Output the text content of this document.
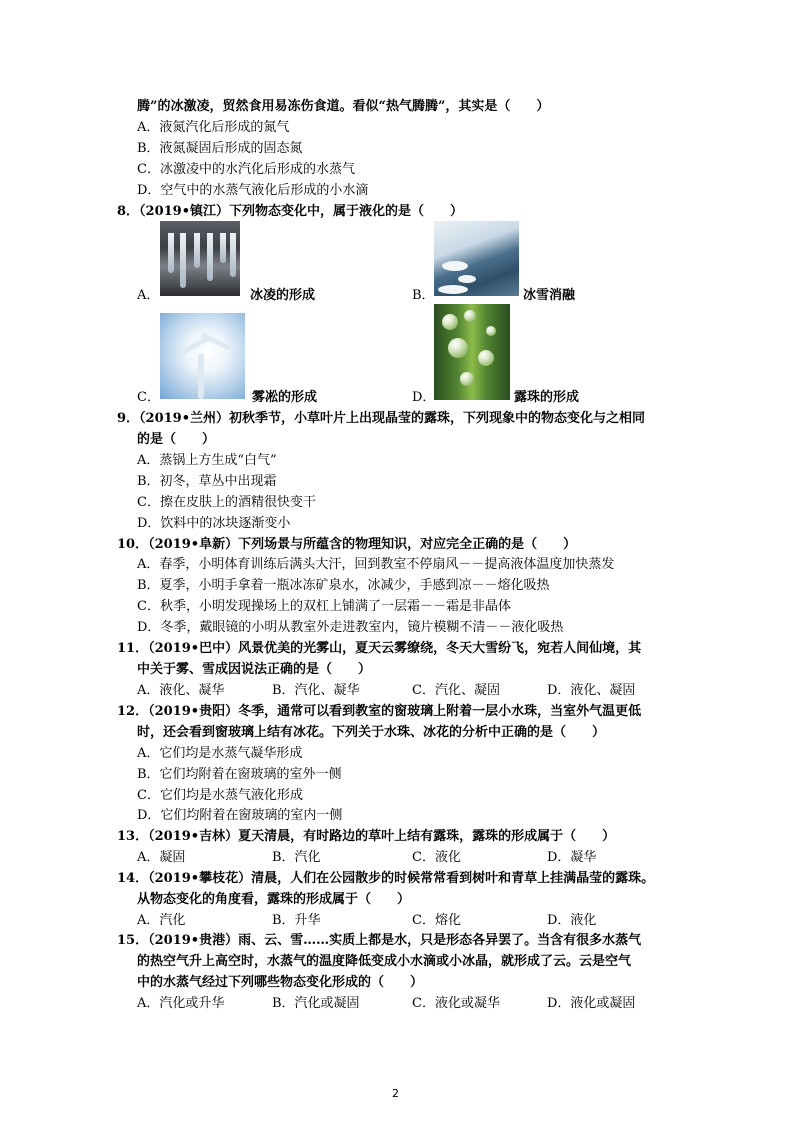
腾”的冰激凌，贸然食用易冻伤食道。看似“热气腾腾”，其实是（　　）
A．液氮汽化后形成的氮气
B．液氮凝固后形成的固态氮
C．冰激凌中的水汽化后形成的水蒸气
D．空气中的水蒸气液化后形成的小水滴
8．（2019•镇江）下列物态变化中，属于液化的是（　　）
A．	冰凌的形成	B．	冰雪消融
C．	雾凇的形成	D．	露珠的形成
9．（2019•兰州）初秋季节，小草叶片上出现晶莹的露珠，下列现象中的物态变化与之相同
的是（　　）
A．蒸锅上方生成“白气”
B．初冬，草丛中出现霜
C．擦在皮肤上的酒精很快变干
D．饮料中的冰块逐渐变小
10．（2019•阜新）下列场景与所蕴含的物理知识，对应完全正确的是（　　）
A．春季，小明体育训练后满头大汗，回到教室不停扇风－－提高液体温度加快蒸发
B．夏季，小明手拿着一瓶冰冻矿泉水，冰减少，手感到凉－－熔化吸热
C．秋季，小明发现操场上的双杠上铺满了一层霜－－霜是非晶体
D．冬季，戴眼镜的小明从教室外走进教室内，镜片模糊不清－－液化吸热
11．（2019•巴中）风景优美的光雾山，夏天云雾缭绕，冬天大雪纷飞，宛若人间仙境，其
中关于雾、雪成因说法正确的是（　　）
A．液化、凝华	B．汽化、凝华	C．汽化、凝固	D．液化、凝固
12．（2019•贵阳）冬季，通常可以看到教室的窗玻璃上附着一层小水珠，当室外气温更低
时，还会看到窗玻璃上结有冰花。下列关于水珠、冰花的分析中正确的是（　　）
A．它们均是水蒸气凝华形成
B．它们均附着在窗玻璃的室外一侧
C．它们均是水蒸气液化形成
D．它们均附着在窗玻璃的室内一侧
13．（2019•吉林）夏天清晨，有时路边的草叶上结有露珠，露珠的形成属于（　　）
A．凝固	B．汽化	C．液化	D．凝华
14．（2019•攀枝花）清晨，人们在公园散步的时候常常看到树叶和青草上挂满晶莹的露珠。
从物态变化的角度看，露珠的形成属于（　　）
A．汽化	B．升华	C．熔化	D．液化
15．（2019•贵港）雨、云、雪……实质上都是水，只是形态各异罢了。当含有很多水蒸气
的热空气升上高空时，水蒸气的温度降低变成小水滴或小冰晶，就形成了云。云是空气
中的水蒸气经过下列哪些物态变化形成的（　　）
A．汽化或升华	B．汽化或凝固	C．液化或凝华	D．液化或凝固
2
